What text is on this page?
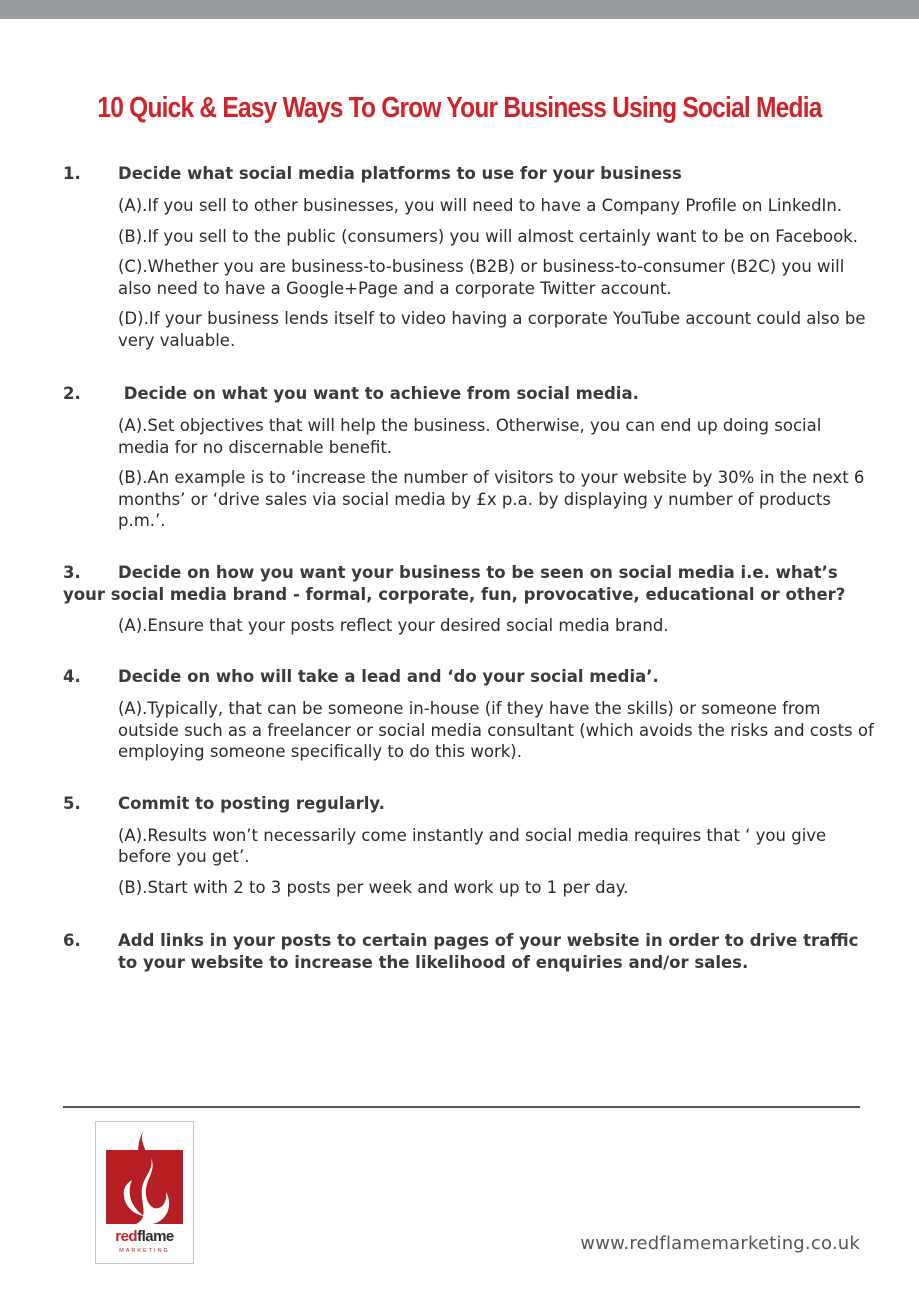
10 Quick & Easy Ways To Grow Your Business Using Social Media
1. Decide what social media platforms to use for your business
(A).If you sell to other businesses, you will need to have a Company Profile on LinkedIn.
(B).If you sell to the public (consumers) you will almost certainly want to be on Facebook.
(C).Whether you are business-to-business (B2B) or business-to-consumer (B2C) you will also need to have a Google+Page and a corporate Twitter account.
(D).If your business lends itself to video having a corporate YouTube account could also be very valuable.
2. Decide on what you want to achieve from social media.
(A).Set objectives that will help the business. Otherwise, you can end up doing social media for no discernable benefit.
(B).An example is to ‘increase the number of visitors to your website by 30% in the next 6 months’ or ‘drive sales via social media by £x p.a. by displaying y number of products p.m.’.
3. Decide on how you want your business to be seen on social media i.e. what’s your social media brand - formal, corporate, fun, provocative, educational or other?
(A).Ensure that your posts reflect your desired social media brand.
4. Decide on who will take a lead and ‘do your social media’.
(A).Typically, that can be someone in-house (if they have the skills) or someone from outside such as a freelancer or social media consultant (which avoids the risks and costs of employing someone specifically to do this work).
5. Commit to posting regularly.
(A).Results won’t necessarily come instantly and social media requires that ‘ you give before you get’.
(B).Start with 2 to 3 posts per week and work up to 1 per day.
6. Add links in your posts to certain pages of your website in order to drive traffic to your website to increase the likelihood of enquiries and/or sales.
redflame
MARKETING	www.redflamemarketing.co.uk
